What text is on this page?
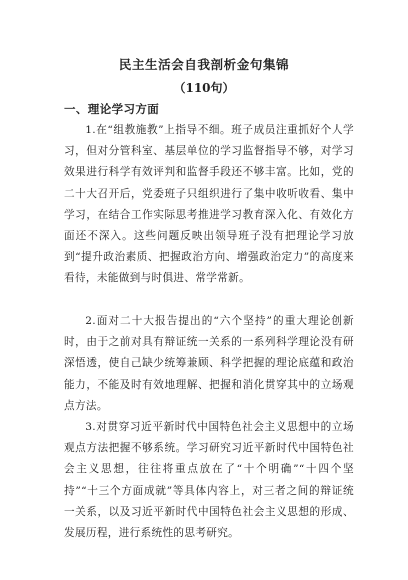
民主生活会自我剖析金句集锦
（110句）
一、理论学习方面

1.在“组教施教”上指导不细。班子成员注重抓好个人学习，但对分管科室、基层单位的学习监督指导不够，对学习效果进行科学有效评判和监督手段还不够丰富。比如，党的二十大召开后，党委班子只组织进行了集中收听收看、集中学习，在结合工作实际思考推进学习教育深入化、有效化方面还不深入。这些问题反映出领导班子没有把理论学习放到“提升政治素质、把握政治方向、增强政治定力”的高度来看待，未能做到与时俱进、常学常新。

2.面对二十大报告提出的“六个坚持”的重大理论创新时，由于之前对具有辩证统一关系的一系列科学理论没有研深悟透，使自己缺少统筹兼顾、科学把握的理论底蕴和政治能力，不能及时有效地理解、把握和消化贯穿其中的立场观点方法。

3.对贯穿习近平新时代中国特色社会主义思想中的立场观点方法把握不够系统。学习研究习近平新时代中国特色社会主义思想，往往将重点放在了“十个明确”“十四个坚持”“十三个方面成就”等具体内容上，对三者之间的辩证统一关系，以及习近平新时代中国特色社会主义思想的形成、发展历程，进行系统性的思考研究。
